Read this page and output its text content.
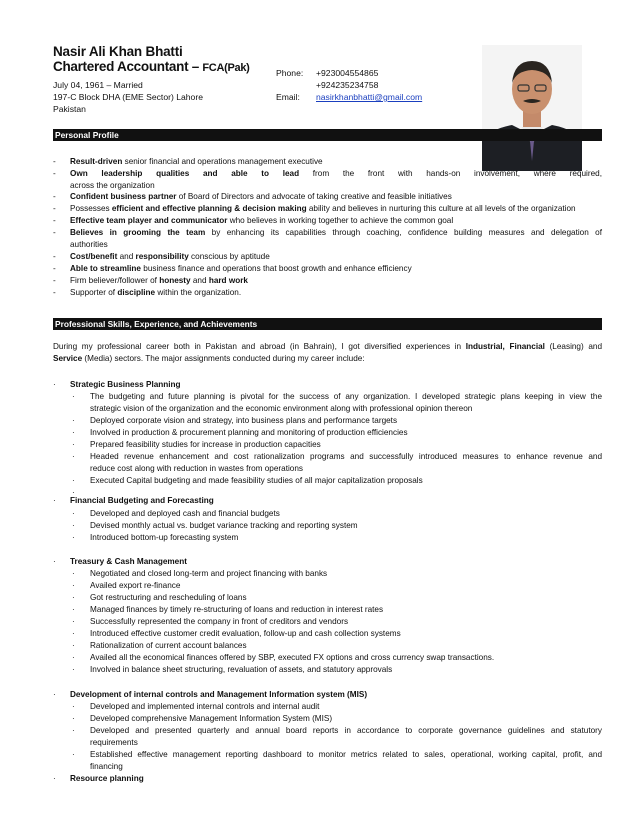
Nasir Ali Khan Bhatti
Chartered Accountant – FCA(Pak)
July 04, 1961 – Married
197-C Block DHA (EME Sector) Lahore
Pakistan
Phone: +923004554865
+924235234758
Email: nasirkhanbhatti@gmail.com
Personal Profile
- Result-driven senior financial and operations management executive
- Own leadership qualities and able to lead from the front with hands-on involvement, where required,
across the organization
- Confident business partner of Board of Directors and advocate of taking creative and feasible initiatives
- Possesses efficient and effective planning & decision making ability and believes in nurturing this culture at all levels of the organization
- Effective team player and communicator who believes in working together to achieve the common goal
- Believes in grooming the team by enhancing its capabilities through coaching, confidence building measures and delegation of
authorities
- Cost/benefit and responsibility conscious by aptitude
- Able to streamline business finance and operations that boost growth and enhance efficiency
- Firm believer/follower of honesty and hard work
- Supporter of discipline within the organization.
Professional Skills, Experience, and Achievements
During my professional career both in Pakistan and abroad (in Bahrain), I got diversified experiences in Industrial, Financial (Leasing) and
Service (Media) sectors. The major assignments conducted during my career include:
· Strategic Business Planning
· The budgeting and future planning is pivotal for the success of any organization. I developed strategic plans keeping in view the
strategic vision of the organization and the economic environment along with professional opinion thereon
· Deployed corporate vision and strategy, into business plans and performance targets
· Involved in production & procurement planning and monitoring of production efficiencies
· Prepared feasibility studies for increase in production capacities
· Headed revenue enhancement and cost rationalization programs and successfully introduced measures to enhance revenue and
reduce cost along with reduction in wastes from operations
· Executed Capital budgeting and made feasibility studies of all major capitalization proposals
·
· Financial Budgeting and Forecasting
· Developed and deployed cash and financial budgets
· Devised monthly actual vs. budget variance tracking and reporting system
· Introduced bottom-up forecasting system
· Treasury & Cash Management
· Negotiated and closed long-term and project financing with banks
· Availed export re-finance
· Got restructuring and rescheduling of loans
· Managed finances by timely re-structuring of loans and reduction in interest rates
· Successfully represented the company in front of creditors and vendors
· Introduced effective customer credit evaluation, follow-up and cash collection systems
· Rationalization of current account balances
· Availed all the economical finances offered by SBP, executed FX options and cross currency swap transactions.
· Involved in balance sheet structuring, revaluation of assets, and statutory approvals
· Development of internal controls and Management Information system (MIS)
· Developed and implemented internal controls and internal audit
· Developed comprehensive Management Information System (MIS)
· Developed and presented quarterly and annual board reports in accordance to corporate governance guidelines and statutory
requirements
· Established effective management reporting dashboard to monitor metrics related to sales, operational, working capital, profit, and
financing
· Resource planning
